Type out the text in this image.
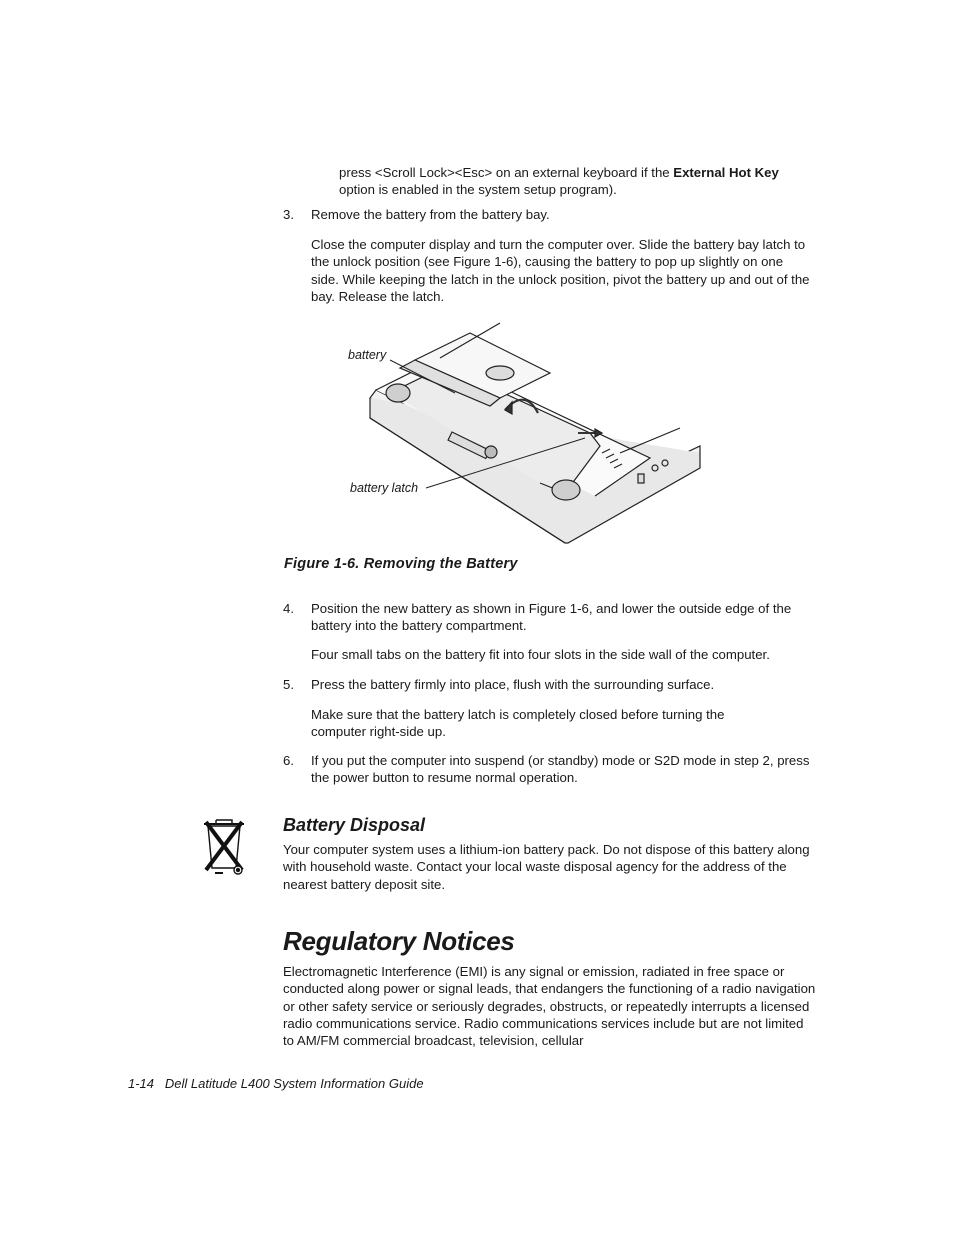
press <Scroll Lock><Esc> on an external keyboard if the External Hot Key
option is enabled in the system setup program).

3. Remove the battery from the battery bay.

Close the computer display and turn the computer over. Slide the battery bay latch to the unlock position (see Figure 1-6), causing the battery to pop up slightly on one side. While keeping the latch in the unlock position, pivot the battery up and out of the bay. Release the latch.

battery
battery latch

Figure 1-6. Removing the Battery

4. Position the new battery as shown in Figure 1-6, and lower the outside edge of the battery into the battery compartment.

Four small tabs on the battery fit into four slots in the side wall of the computer.

5. Press the battery firmly into place, flush with the surrounding surface.

Make sure that the battery latch is completely closed before turning the computer right-side up.

6. If you put the computer into suspend (or standby) mode or S2D mode in step 2, press the power button to resume normal operation.

Battery Disposal

Your computer system uses a lithium-ion battery pack. Do not dispose of this battery along with household waste. Contact your local waste disposal agency for the address of the nearest battery deposit site.

Regulatory Notices

Electromagnetic Interference (EMI) is any signal or emission, radiated in free space or conducted along power or signal leads, that endangers the functioning of a radio navigation or other safety service or seriously degrades, obstructs, or repeatedly interrupts a licensed radio communications service. Radio communications services include but are not limited to AM/FM commercial broadcast, television, cellular

1-14 Dell Latitude L400 System Information Guide
